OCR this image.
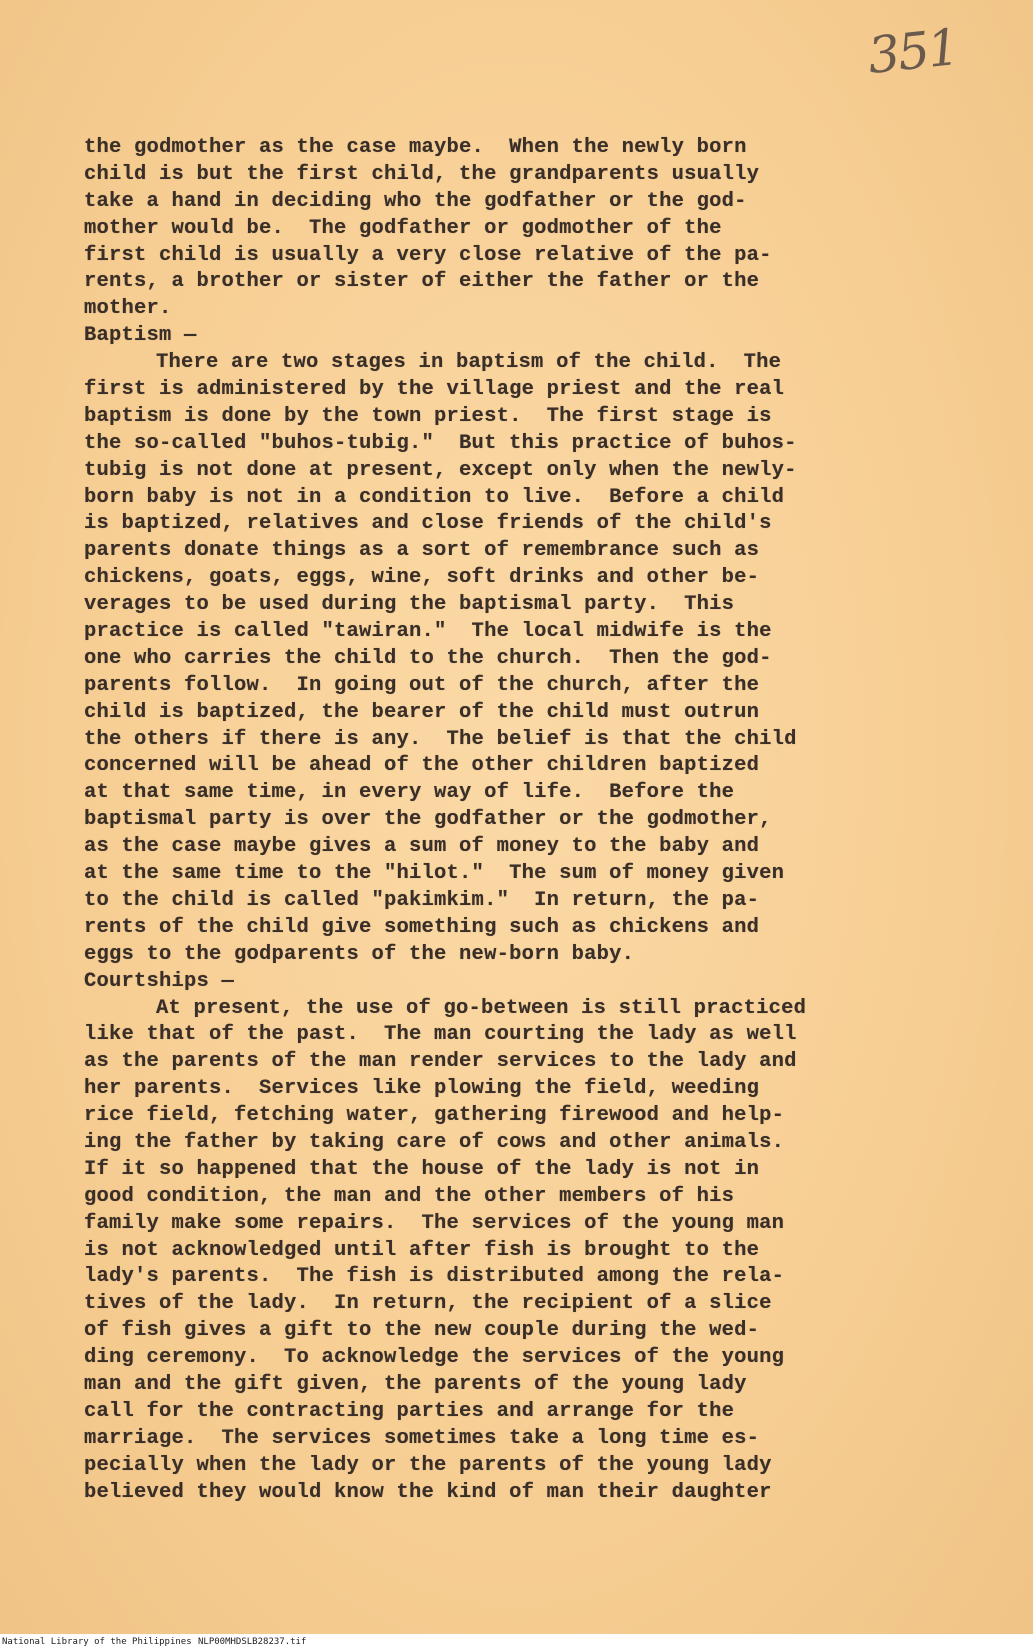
351
the godmother as the case maybe.  When the newly born
child is but the first child, the grandparents usually
take a hand in deciding who the godfather or the god-
mother would be.  The godfather or godmother of the
first child is usually a very close relative of the pa-
rents, a brother or sister of either the father or the
mother.
Baptism —
There are two stages in baptism of the child.  The
first is administered by the village priest and the real
baptism is done by the town priest.  The first stage is
the so-called "buhos-tubig."  But this practice of buhos-
tubig is not done at present, except only when the newly-
born baby is not in a condition to live.  Before a child
is baptized, relatives and close friends of the child's
parents donate things as a sort of remembrance such as
chickens, goats, eggs, wine, soft drinks and other be-
verages to be used during the baptismal party.  This
practice is called "tawiran."  The local midwife is the
one who carries the child to the church.  Then the god-
parents follow.  In going out of the church, after the
child is baptized, the bearer of the child must outrun
the others if there is any.  The belief is that the child
concerned will be ahead of the other children baptized
at that same time, in every way of life.  Before the
baptismal party is over the godfather or the godmother,
as the case maybe gives a sum of money to the baby and
at the same time to the "hilot."  The sum of money given
to the child is called "pakimkim."  In return, the pa-
rents of the child give something such as chickens and
eggs to the godparents of the new-born baby.
Courtships —
At present, the use of go-between is still practiced
like that of the past.  The man courting the lady as well
as the parents of the man render services to the lady and
her parents.  Services like plowing the field, weeding
rice field, fetching water, gathering firewood and help-
ing the father by taking care of cows and other animals.
If it so happened that the house of the lady is not in
good condition, the man and the other members of his
family make some repairs.  The services of the young man
is not acknowledged until after fish is brought to the
lady's parents.  The fish is distributed among the rela-
tives of the lady.  In return, the recipient of a slice
of fish gives a gift to the new couple during the wed-
ding ceremony.  To acknowledge the services of the young
man and the gift given, the parents of the young lady
call for the contracting parties and arrange for the
marriage.  The services sometimes take a long time es-
pecially when the lady or the parents of the young lady
believed they would know the kind of man their daughter
National Library of the Philippines NLP00MHDSLB28237.tif
